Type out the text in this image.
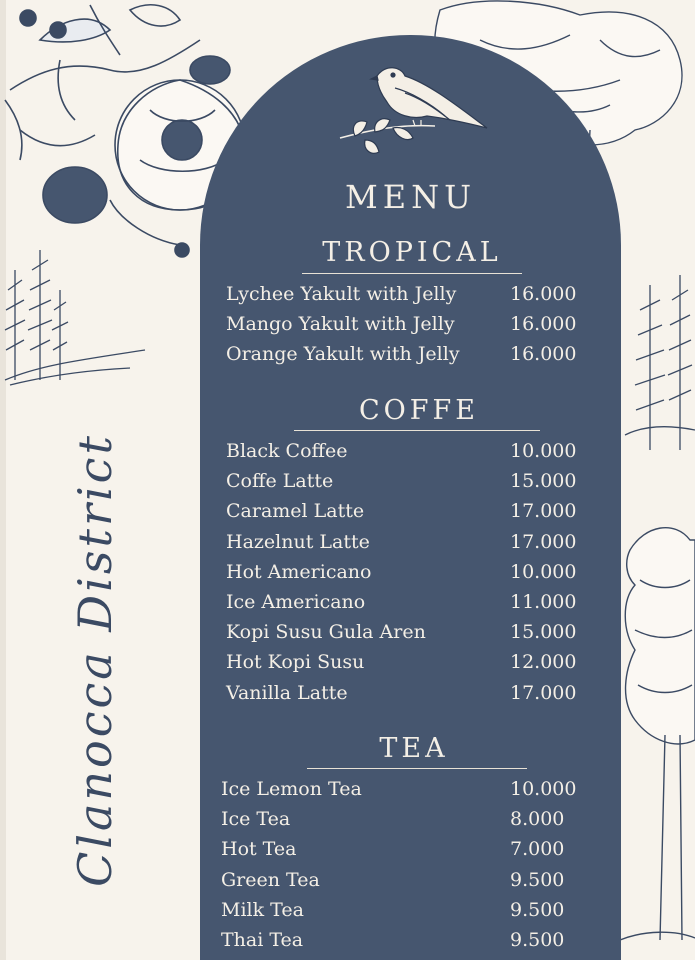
Clanocca District
MENU
TROPICAL
Lychee Yakult with Jelly	16.000
Mango Yakult with Jelly	16.000
Orange Yakult with Jelly	16.000
COFFE
Black Coffee	10.000
Coffe Latte	15.000
Caramel Latte	17.000
Hazelnut Latte	17.000
Hot Americano	10.000
Ice Americano	11.000
Kopi Susu Gula Aren	15.000
Hot Kopi Susu	12.000
Vanilla Latte	17.000
TEA
Ice Lemon Tea	10.000
Ice Tea	8.000
Hot Tea	7.000
Green Tea	9.500
Milk Tea	9.500
Thai Tea	9.500
